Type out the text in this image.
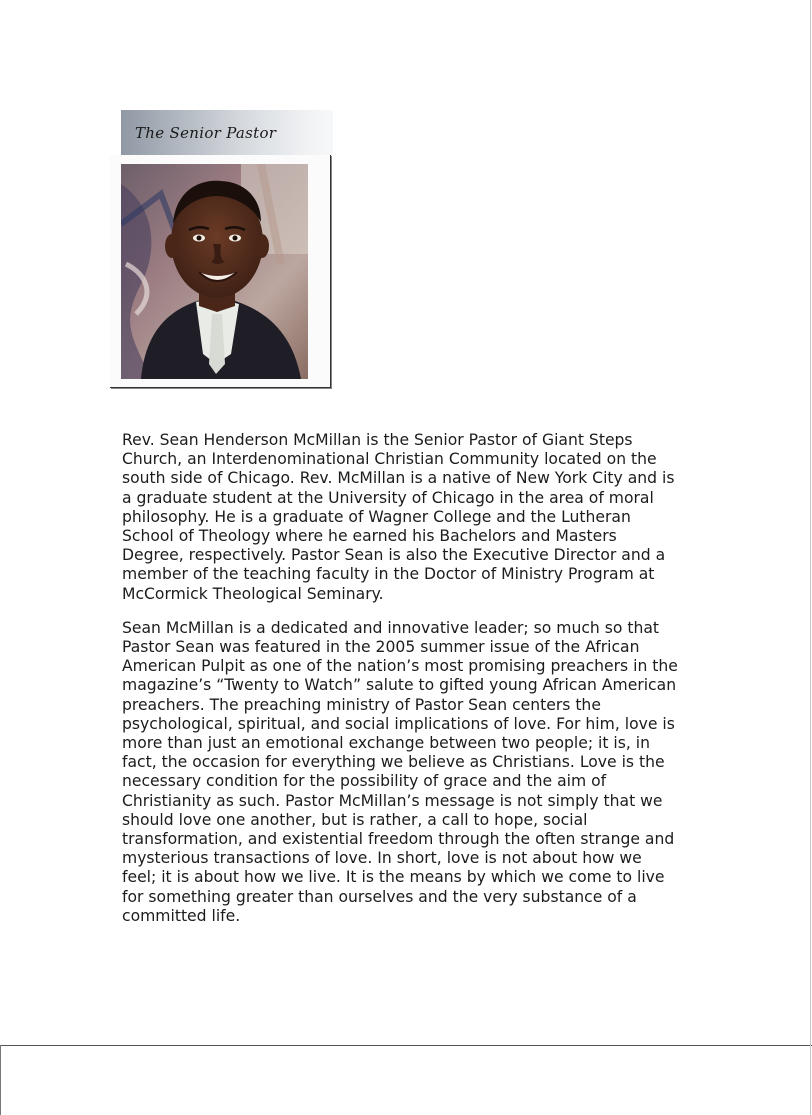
The Senior Pastor

Rev. Sean Henderson McMillan is the Senior Pastor of Giant Steps
Church, an Interdenominational Christian Community located on the
south side of Chicago. Rev. McMillan is a native of New York City and is
a graduate student at the University of Chicago in the area of moral
philosophy. He is a graduate of Wagner College and the Lutheran
School of Theology where he earned his Bachelors and Masters
Degree, respectively. Pastor Sean is also the Executive Director and a
member of the teaching faculty in the Doctor of Ministry Program at
McCormick Theological Seminary.

Sean McMillan is a dedicated and innovative leader; so much so that
Pastor Sean was featured in the 2005 summer issue of the African
American Pulpit as one of the nation’s most promising preachers in the
magazine’s “Twenty to Watch” salute to gifted young African American
preachers. The preaching ministry of Pastor Sean centers the
psychological, spiritual, and social implications of love. For him, love is
more than just an emotional exchange between two people; it is, in
fact, the occasion for everything we believe as Christians. Love is the
necessary condition for the possibility of grace and the aim of
Christianity as such. Pastor McMillan’s message is not simply that we
should love one another, but is rather, a call to hope, social
transformation, and existential freedom through the often strange and
mysterious transactions of love. In short, love is not about how we
feel; it is about how we live. It is the means by which we come to live
for something greater than ourselves and the very substance of a
committed life.
